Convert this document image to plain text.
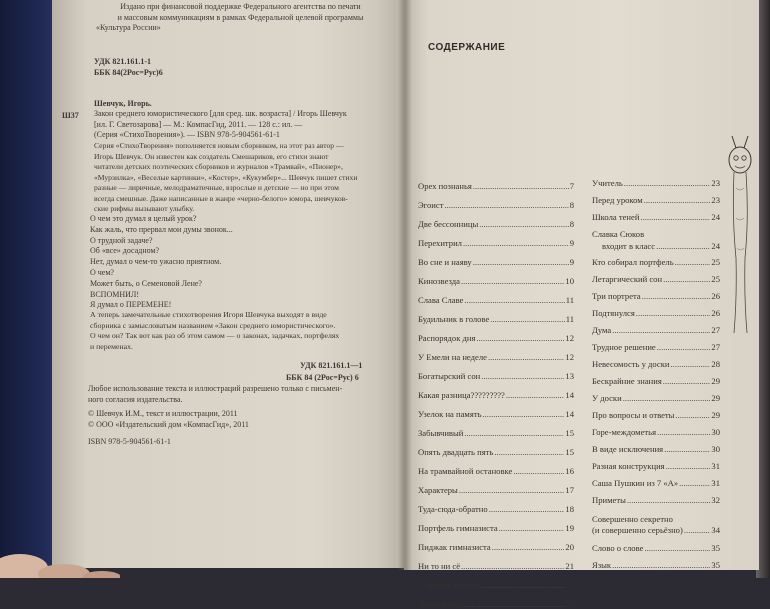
Издано при финансовой поддержке Федерального агентства по печати
и массовым коммуникациям в рамках Федеральной целевой программы
«Культура России»
УДК 821.161.1-1
ББК 84(2Рос=Рус)6
Ш37
Шевчук, Игорь.
Закон среднего юмористического [для сред. шк. возраста] / Игорь Шевчук
[ил. Г. Светозарова] — М.: КомпасГид, 2011. — 128 с.: ил. —
(Серия «СтихоТворения»). — ISBN 978-5-904561-61-1
Серия «СтихоТворения» пополняется новым сборником, на этот раз автор —
Игорь Шевчук. Он известен как создатель Смешариков, его стихи знают
читатели детских поэтических сборников и журналов «Трамвай», «Пионер»,
«Мурзилка», «Веселые картинки», «Костер», «Кукумбер»... Шевчук пишет стихи
разные — лиричные, мелодраматичные, взрослые и детские — но при этом
всегда смешные. Даже написанные в жанре «черно-белого» юмора, шевчуков-
ские рифмы вызывают улыбку.
О чем это думал я целый урок?
Как жаль, что прервал мои думы звонок...
О трудной задаче?
Об «все» досадном?
Нет, думал о чем-то ужасно приятном.
О чем?
Может быть, о Семеновой Лене?
ВСПОМНИЛ!
Я думал о ПЕРЕМЕНЕ!
А теперь замечательные стихотворения Игоря Шевчука выходят в виде
сборника с замысловатым названием «Закон среднего юмористического».
О чем он? Так вот как раз об этом самом — о законах, задачках, портфелях
и переменах.
УДК 821.161.1—1
ББК 84 (2Рос=Рус) 6
Любое использование текста и иллюстраций разрешено только с письмен-
ного согласия издательства.
© Шевчук И.М., текст и иллюстрации, 2011
© ООО «Издательский дом «КомпасГид», 2011
ISBN 978-5-904561-61-1
СОДЕРЖАНИЕ
Орех познанья .....	7
Эгоист .....	8
Две бессонницы .....	8
Перехитрил .....	9
Во сне и наяву .....	9
Кинозвезда .....	10
Слава Славе .....	11
Будильник в голове .....	11
Распорядок дня .....	12
У Емели на неделе .....	12
Богатырский сон .....	13
Какая разница????????? .....	14
Узелок на память .....	14
Забывчивый .....	15
Опять двадцать пять .....	15
На трамвайной остановке .....	16
Характеры .....	17
Туда-сюда-обратно .....	18
Портфель гимназиста .....	19
Пиджак гимназиста .....	20
Ни то ни сё .....	21
С девяти до трёх .....	21
Помощница .....	22
Учитель .....	23
Перед уроком .....	23
Школа теней .....	24
Славка Сюков
входит в класс .....	24
Кто собирал портфель .....	25
Летаргический сон .....	25
Три портрета .....	26
Подтянулся .....	26
Дума .....	27
Трудное решение .....	27
Невесомость у доски .....	28
Бескрайние знания .....	29
У доски .....	29
Про вопросы и ответы .....	29
Горе-междометья .....	30
В виде исключения .....	30
Разная конструкция .....	31
Саша Пушкин из 7 «А» .....	31
Приметы .....	32
Совершенно секретно
(и совершенно серьёзно) .....	34
Слово о слове .....	35
Язык .....	35
